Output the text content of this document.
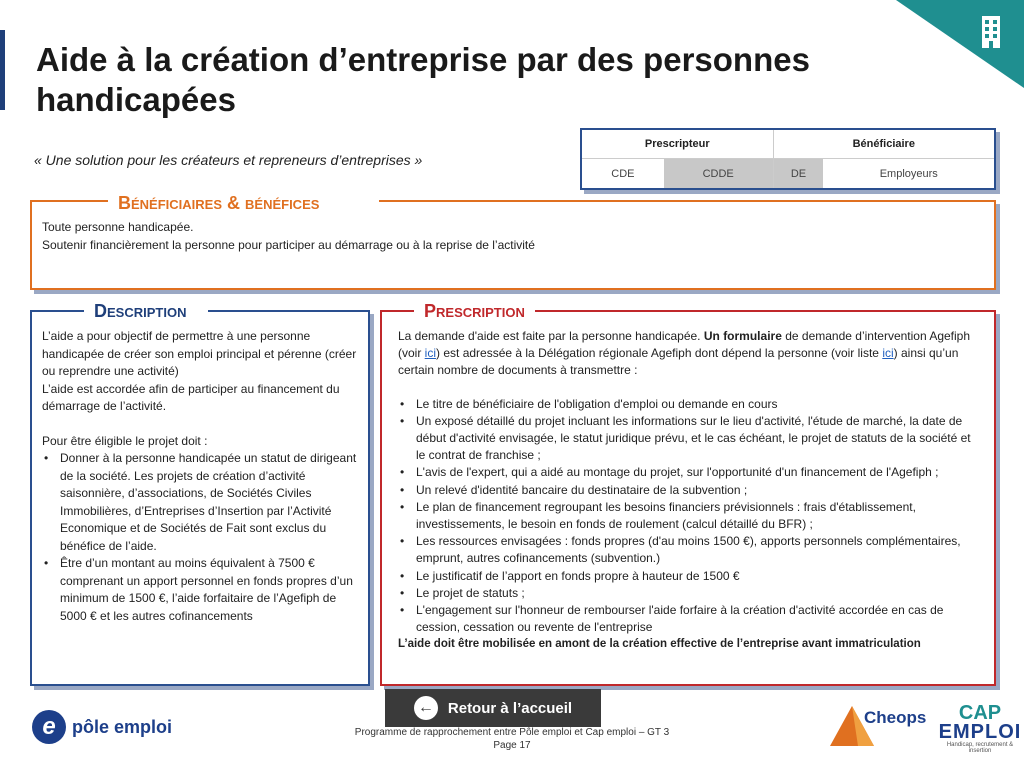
Aide à la création d’entreprise par des personnes handicapées
« Une solution pour les créateurs et repreneurs d’entreprises »
Prescripteur		Bénéficiaire	
CDE	CDDE	DE	Employeurs

Toute personne handicapée.

Soutenir financièrement la personne pour participer au démarrage ou à la reprise de l’activité

Bénéficiaires & bénéfices

L’aide a pour objectif de permettre à une personne handicapée de créer son emploi principal et pérenne (créer ou reprendre une activité)

L’aide est accordée afin de participer au financement du démarrage de l’activité.

Pour être éligible le projet doit :

• Donner à la personne handicapée un statut de dirigeant de la société. Les projets de création d’activité saisonnière, d’associations, de Sociétés Civiles Immobilières, d’Entreprises d’Insertion par l’Activité Economique et de Sociétés de Fait sont exclus du bénéfice de l’aide.
• Être d’un montant au moins équivalent à 7500 € comprenant un apport personnel en fonds propres d’un minimum de 1500 €, l’aide forfaitaire de l’Agefiph de 5000 € et les autres cofinancements
Description

La demande d'aide est faite par la personne handicapée. Un formulaire de demande d’intervention Agefiph (voir ici) est adressée à la Délégation régionale Agefiph dont dépend la personne (voir liste ici) ainsi qu’un certain nombre de documents à transmettre :

• Le titre de bénéficiaire de l'obligation d'emploi ou demande en cours
• Un exposé détaillé du projet incluant les informations sur le lieu d'activité, l'étude de marché, la date de début d'activité envisagée, le statut juridique prévu, et le cas échéant, le projet de statuts de la société et le contrat de franchise ;
• L'avis de l'expert, qui a aidé au montage du projet, sur l'opportunité d'un financement de l'Agefiph ;
• Un relevé d'identité bancaire du destinataire de la subvention ;
• Le plan de financement regroupant les besoins financiers prévisionnels : frais d'établissement, investissements, le besoin en fonds de roulement (calcul détaillé du BFR) ;
• Les ressources envisagées : fonds propres (d'au moins 1500 €), apports personnels complémentaires, emprunt, autres cofinancements (subvention.)
• Le justificatif de l’apport en fonds propre à hauteur de 1500 €
• Le projet de statuts ;
• L'engagement sur l'honneur de rembourser l'aide forfaire à la création d'activité accordée en cas de cession, cessation ou revente de l'entreprise

L’aide doit être mobilisée en amont de la création effective de l’entreprise avant immatriculation

Prescription
← Retour à l’accueil
Programme de rapprochement entre Pôle emploi et Cap emploi – GT 3
Page 17
e pôle emploi	Cheops	CAP
EMPLOI
Handicap, recrutement & insertion
